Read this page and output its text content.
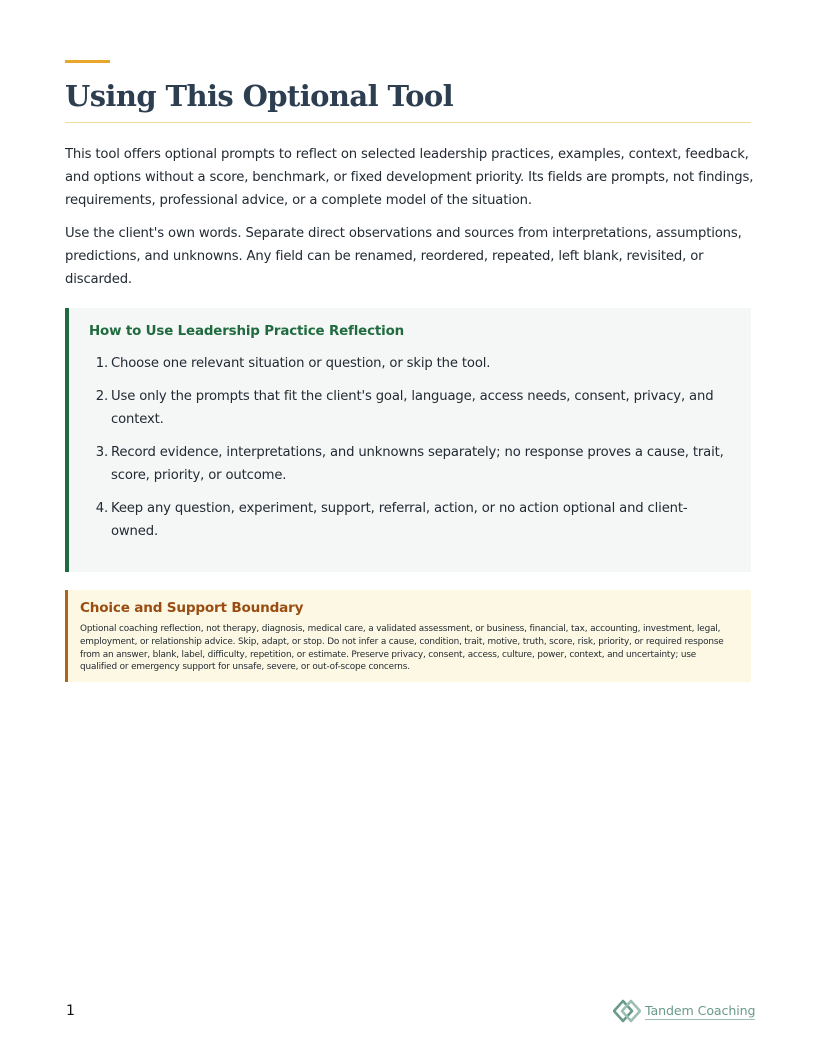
Using This Optional Tool

This tool offers optional prompts to reflect on selected leadership practices, examples, context, feedback, and options without a score, benchmark, or fixed development priority. Its fields are prompts, not findings, requirements, professional advice, or a complete model of the situation.

Use the client's own words. Separate direct observations and sources from interpretations, assumptions, predictions, and unknowns. Any field can be renamed, reordered, repeated, left blank, revisited, or discarded.

How to Use Leadership Practice Reflection
1. Choose one relevant situation or question, or skip the tool.
2. Use only the prompts that fit the client's goal, language, access needs, consent, privacy, and context.
3. Record evidence, interpretations, and unknowns separately; no response proves a cause, trait, score, priority, or outcome.
4. Keep any question, experiment, support, referral, action, or no action optional and client-owned.
Choice and Support Boundary

Optional coaching reflection, not therapy, diagnosis, medical care, a validated assessment, or business, financial, tax, accounting, investment, legal, employment, or relationship advice. Skip, adapt, or stop. Do not infer a cause, condition, trait, motive, truth, score, risk, priority, or required response from an answer, blank, label, difficulty, repetition, or estimate. Preserve privacy, consent, access, culture, power, context, and uncertainty; use qualified or emergency support for unsafe, severe, or out-of-scope concerns.

1	Tandem Coaching
